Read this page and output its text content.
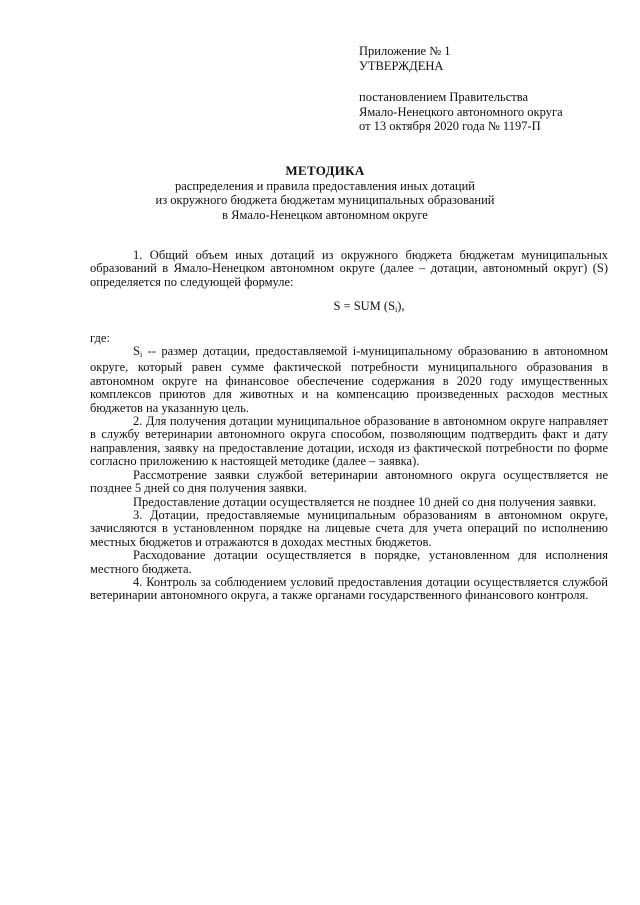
Приложение № 1
УТВЕРЖДЕНА
постановлением Правительства
Ямало-Ненецкого автономного округа
от 13 октября 2020 года № 1197-П
МЕТОДИКА
распределения и правила предоставления иных дотаций
из окружного бюджета бюджетам муниципальных образований
в Ямало-Ненецком автономном округе

1. Общий объем иных дотаций из окружного бюджета бюджетам муниципальных образований в Ямало-Ненецком автономном округе (далее – дотации, автономный округ) (S) определяется по следующей формуле:

S = SUM $(S_i)$,

где:

$S_i$ -- размер дотации, предоставляемой i-муниципальному образованию в автономном округе, который равен сумме фактической потребности муниципального образования в автономном округе на финансовое обеспечение содержания в 2020 году имущественных комплексов приютов для животных и на компенсацию произведенных расходов местных бюджетов на указанную цель.

2. Для получения дотации муниципальное образование в автономном округе направляет в службу ветеринарии автономного округа способом, позволяющим подтвердить факт и дату направления, заявку на предоставление дотации, исходя из фактической потребности по форме согласно приложению к настоящей методике (далее – заявка).

Рассмотрение заявки службой ветеринарии автономного округа осуществляется не позднее 5 дней со дня получения заявки.

Предоставление дотации осуществляется не позднее 10 дней со дня получения заявки.

3. Дотации, предоставляемые муниципальным образованиям в автономном округе, зачисляются в установленном порядке на лицевые счета для учета операций по исполнению местных бюджетов и отражаются в доходах местных бюджетов.

Расходование дотации осуществляется в порядке, установленном для исполнения местного бюджета.

4. Контроль за соблюдением условий предоставления дотации осуществляется службой ветеринарии автономного округа, а также органами государственного финансового контроля.
